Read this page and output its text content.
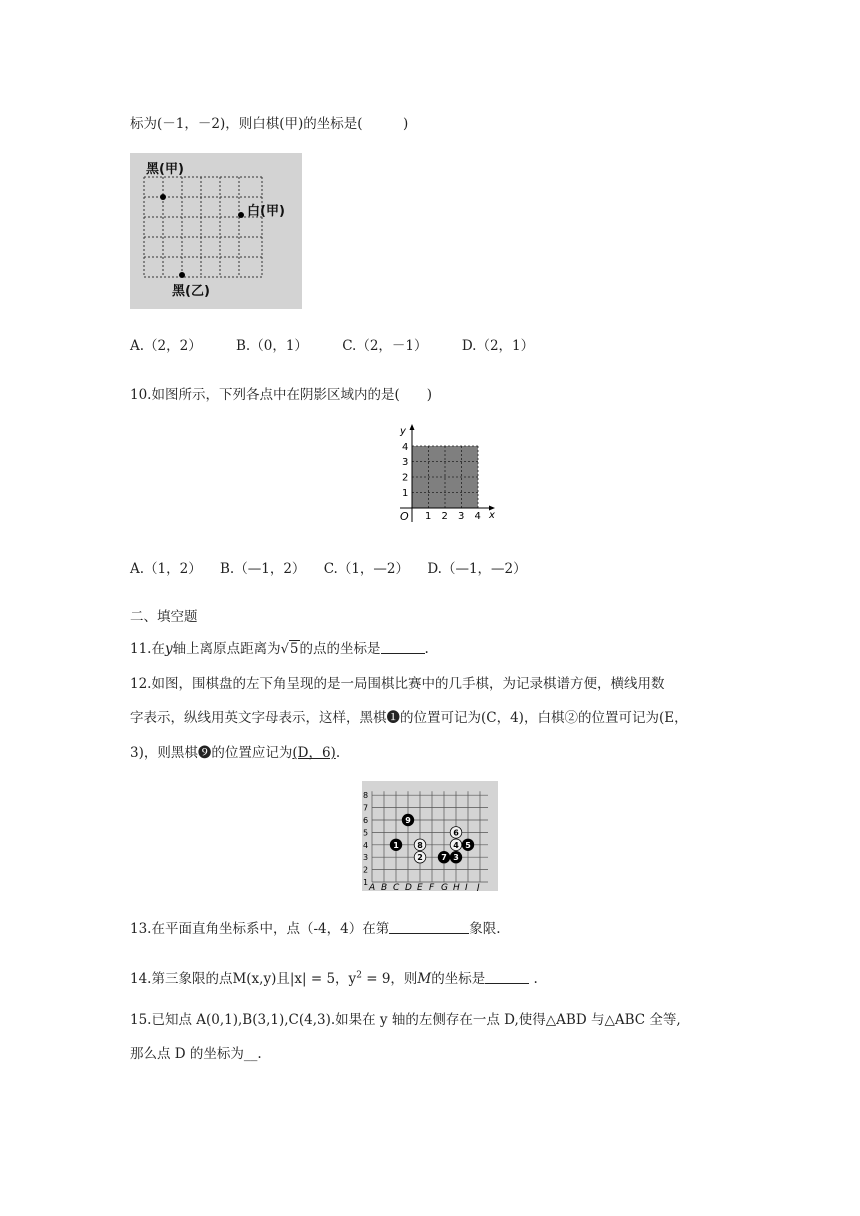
标为(－1，－2)，则白棋(甲)的坐标是(　　　)
黑(甲)
白(甲)
黑(乙)
A.（2，2）	B.（0，1）	C.（2，－1）	D.（2，1）
10.如图所示，下列各点中在阴影区域内的是(　　)
y
x
O 1 2 3 4
1
2
3
4
A.（1，2） B.（—1，2） C.（1，—2） D.（—1，—2）
二、填空题
11.在y轴上离原点距离为√5的点的坐标是	.
12.如图，围棋盘的左下角呈现的是一局围棋比赛中的几手棋，为记录棋谱方便，横线用数
字表示，纵线用英文字母表示，这样，黑棋❶的位置可记为(C，4)，白棋②的位置可记为(E，
3)，则黑棋❾的位置应记为(D，6).
1
2
3
4
5
6
7
8
A B C D E F G H I J
9
6
1 8	4 5
2 7 3
13.在平面直角坐标系中，点（-4，4）在第	象限.
14.第三象限的点M(x,y)且|x| = 5，$y^2 = 9$，则M的坐标是	.
15.已知点 A(0,1),B(3,1),C(4,3).如果在 y 轴的左侧存在一点 D,使得△ABD 与△ABC 全等,
那么点 D 的坐标为__.
